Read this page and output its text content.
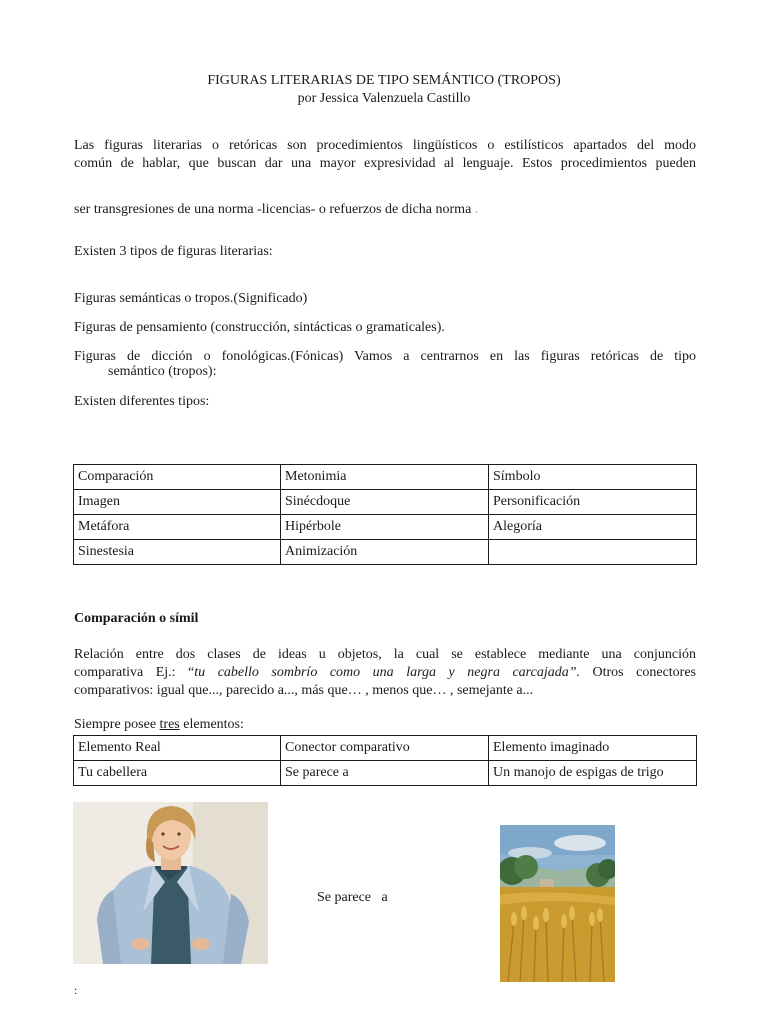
FIGURAS LITERARIAS DE TIPO SEMÁNTICO (TROPOS)
por Jessica Valenzuela Castillo
Las figuras literarias o retóricas son procedimientos lingüísticos o estilísticos apartados del modo
común de hablar, que buscan dar una mayor expresividad al lenguaje. Estos procedimientos pueden
ser transgresiones de una norma -licencias- o refuerzos de dicha norma .
Existen 3 tipos de figuras literarias:
Figuras semánticas o tropos.(Significado)
Figuras de pensamiento (construcción, sintácticas o gramaticales).
Figuras de dicción o fonológicas.(Fónicas) Vamos a centrarnos en las figuras retóricas de tipo
semántico (tropos):
Existen diferentes tipos:
Comparación	Metonimia	Símbolo
Imagen	Sinécdoque	Personificación
Metáfora	Hipérbole	Alegoría
Sinestesia	Animización	
Comparación o símil
Relación entre dos clases de ideas u objetos, la cual se establece mediante una conjunción
comparativa Ej.: “tu cabello sombrío como una larga y negra carcajada”. Otros conectores
comparativos: igual que..., parecido a..., más que… , menos que… , semejante a...
Siempre posee tres elementos:
Elemento Real	Conector comparativo	Elemento imaginado
Tu cabellera	Se parece a	Un manojo de espigas de trigo
Se parece   a
:
